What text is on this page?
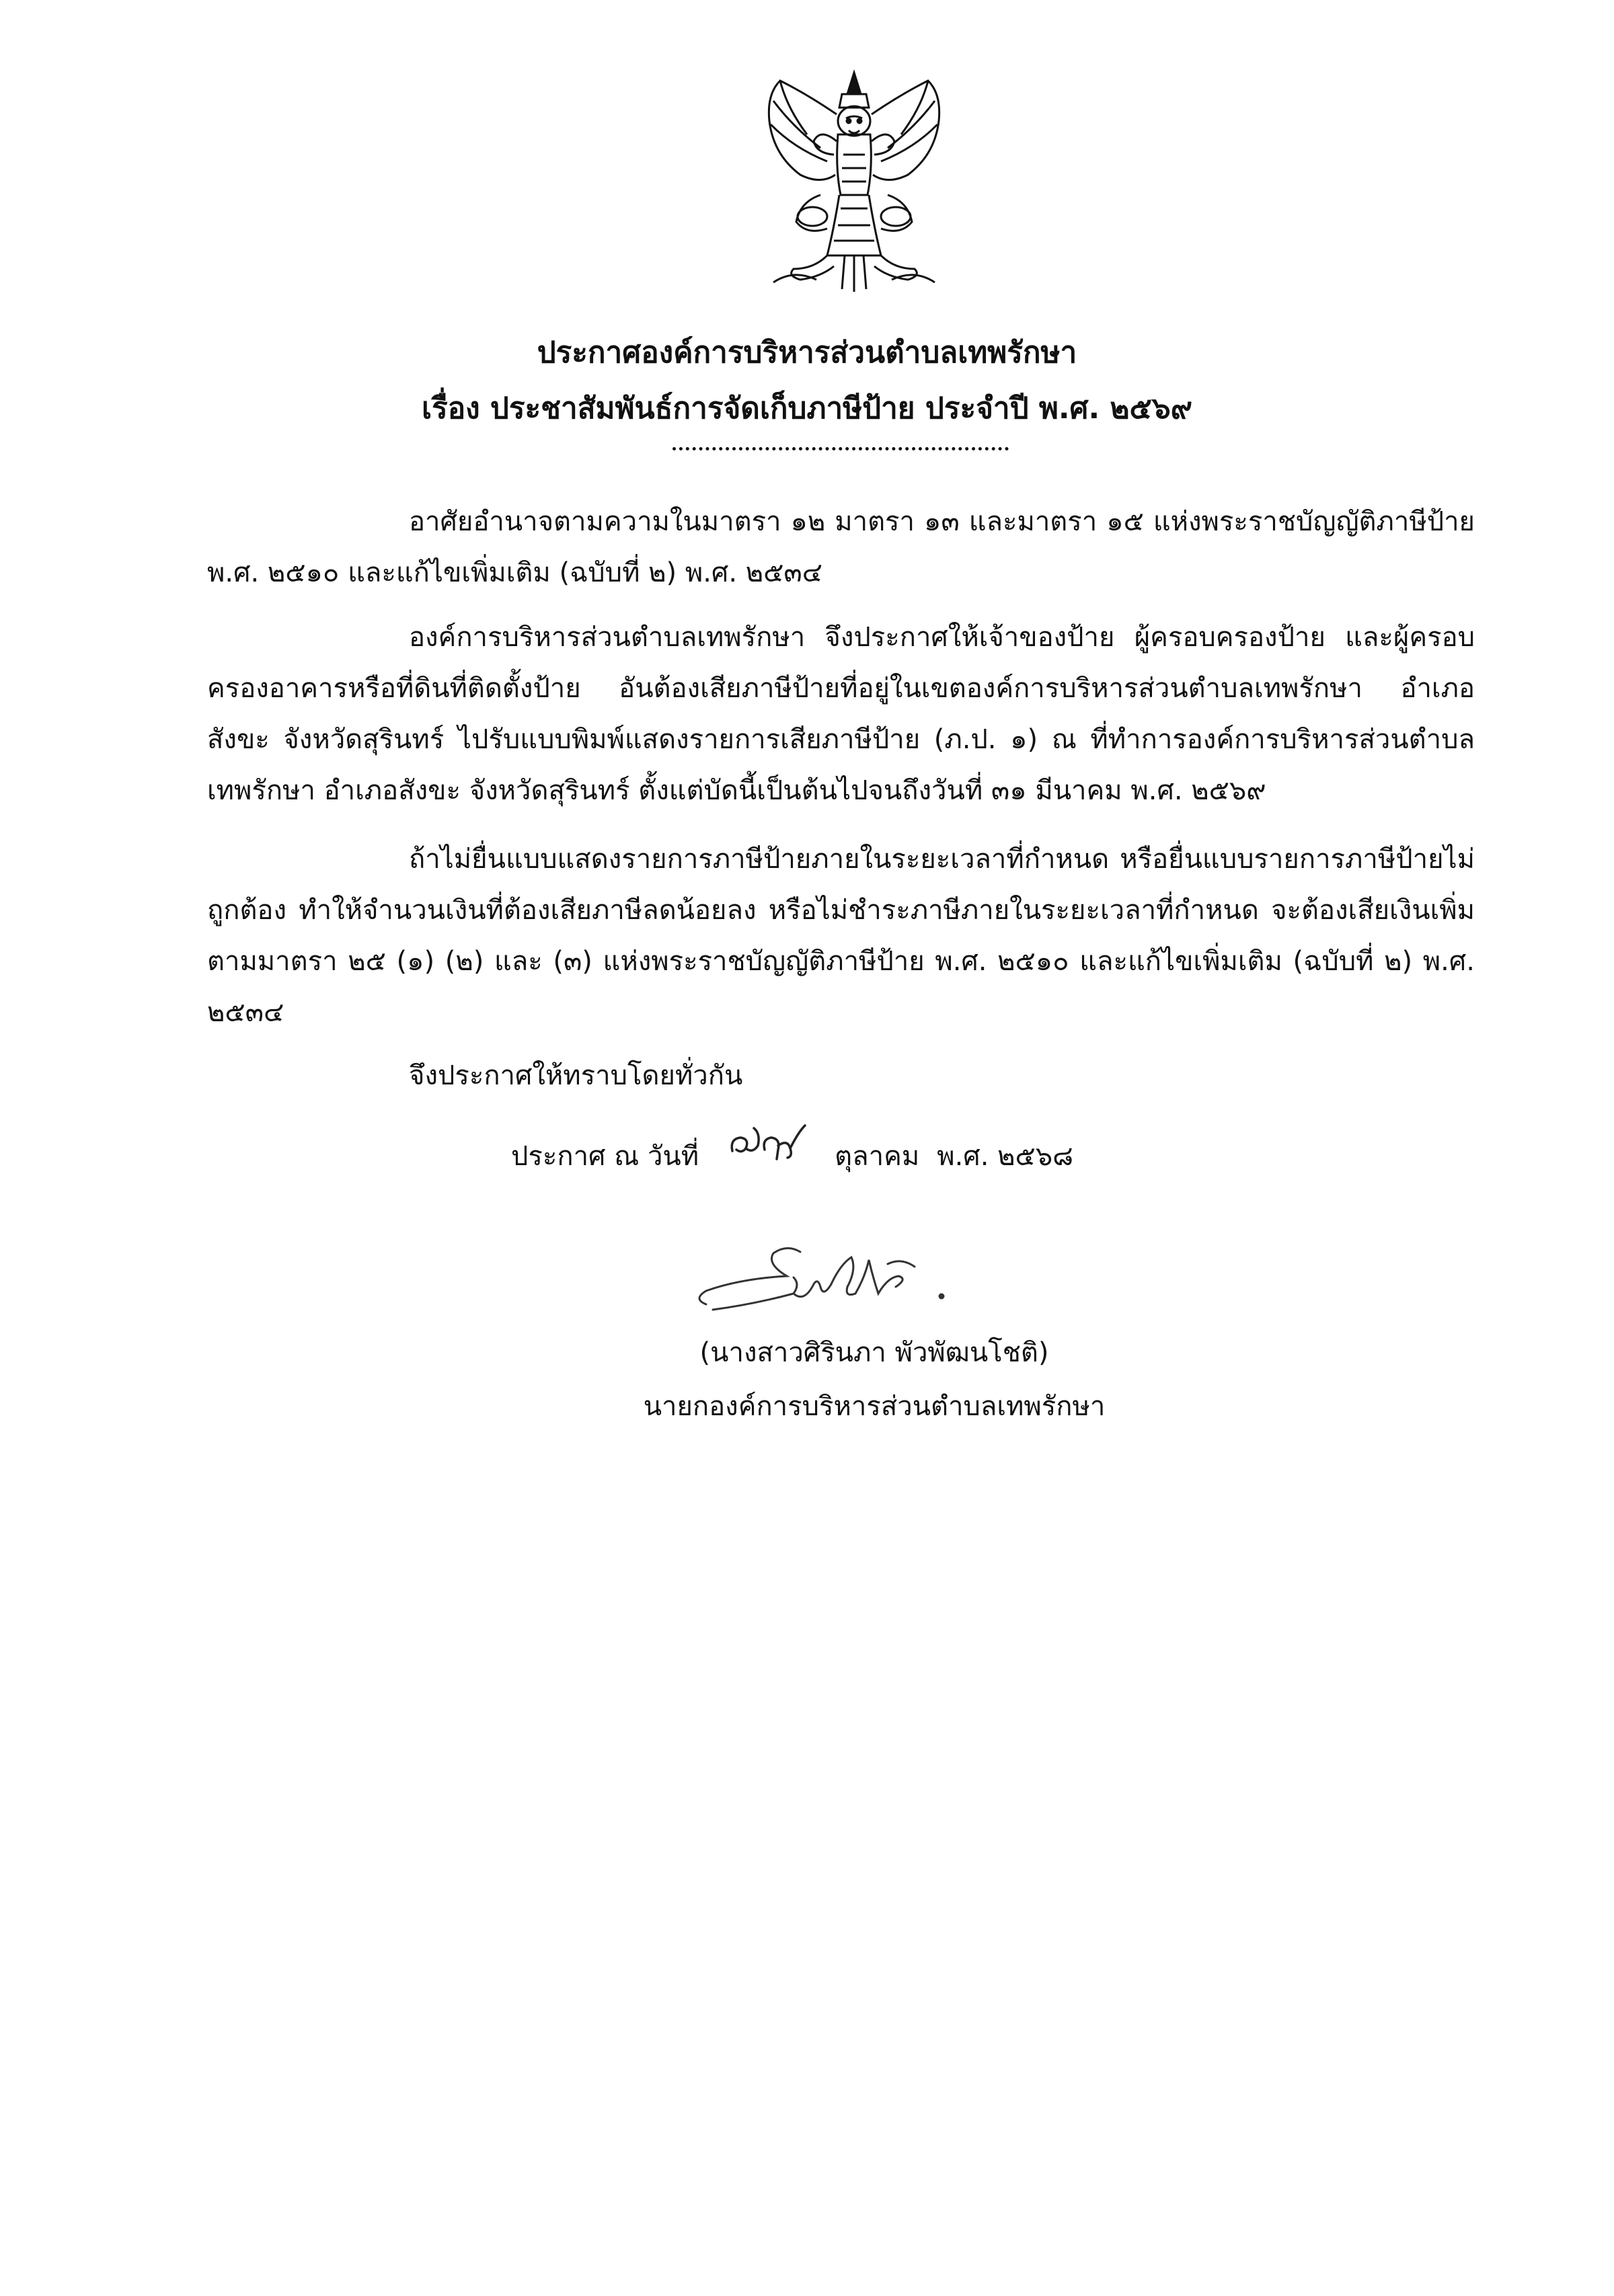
ประกาศองค์การบริหารส่วนตำบลเทพรักษา
เรื่อง ประชาสัมพันธ์การจัดเก็บภาษีป้าย ประจำปี พ.ศ. ๒๕๖๙

อาศัยอำนาจตามความในมาตรา ๑๒ มาตรา ๑๓ และมาตรา ๑๕ แห่งพระราชบัญญัติภาษีป้าย พ.ศ. ๒๕๑๐ และแก้ไขเพิ่มเติม (ฉบับที่ ๒) พ.ศ. ๒๕๓๔

องค์การบริหารส่วนตำบลเทพรักษา จึงประกาศให้เจ้าของป้าย ผู้ครอบครองป้าย และผู้ครอบครองอาคารหรือที่ดินที่ติดตั้งป้าย อันต้องเสียภาษีป้ายที่อยู่ในเขตองค์การบริหารส่วนตำบลเทพรักษา อำเภอสังขะ จังหวัดสุรินทร์ ไปรับแบบพิมพ์แสดงรายการเสียภาษีป้าย (ภ.ป. ๑) ณ ที่ทำการองค์การบริหารส่วนตำบลเทพรักษา อำเภอสังขะ จังหวัดสุรินทร์ ตั้งแต่บัดนี้เป็นต้นไปจนถึงวันที่ ๓๑ มีนาคม พ.ศ. ๒๕๖๙

ถ้าไม่ยื่นแบบแสดงรายการภาษีป้ายภายในระยะเวลาที่กำหนด หรือยื่นแบบรายการภาษีป้ายไม่ถูกต้อง ทำให้จำนวนเงินที่ต้องเสียภาษีลดน้อยลง หรือไม่ชำระภาษีภายในระยะเวลาที่กำหนด จะต้องเสียเงินเพิ่มตามมาตรา ๒๕ (๑) (๒) และ (๓) แห่งพระราชบัญญัติภาษีป้าย พ.ศ. ๒๕๑๐ และแก้ไขเพิ่มเติม (ฉบับที่ ๒) พ.ศ. ๒๕๓๔

จึงประกาศให้ทราบโดยทั่วกัน
ประกาศ ณ วันที่	ตุลาคม พ.ศ. ๒๕๖๘
(นางสาวศิรินภา พัวพัฒนโชติ)
นายกองค์การบริหารส่วนตำบลเทพรักษา
